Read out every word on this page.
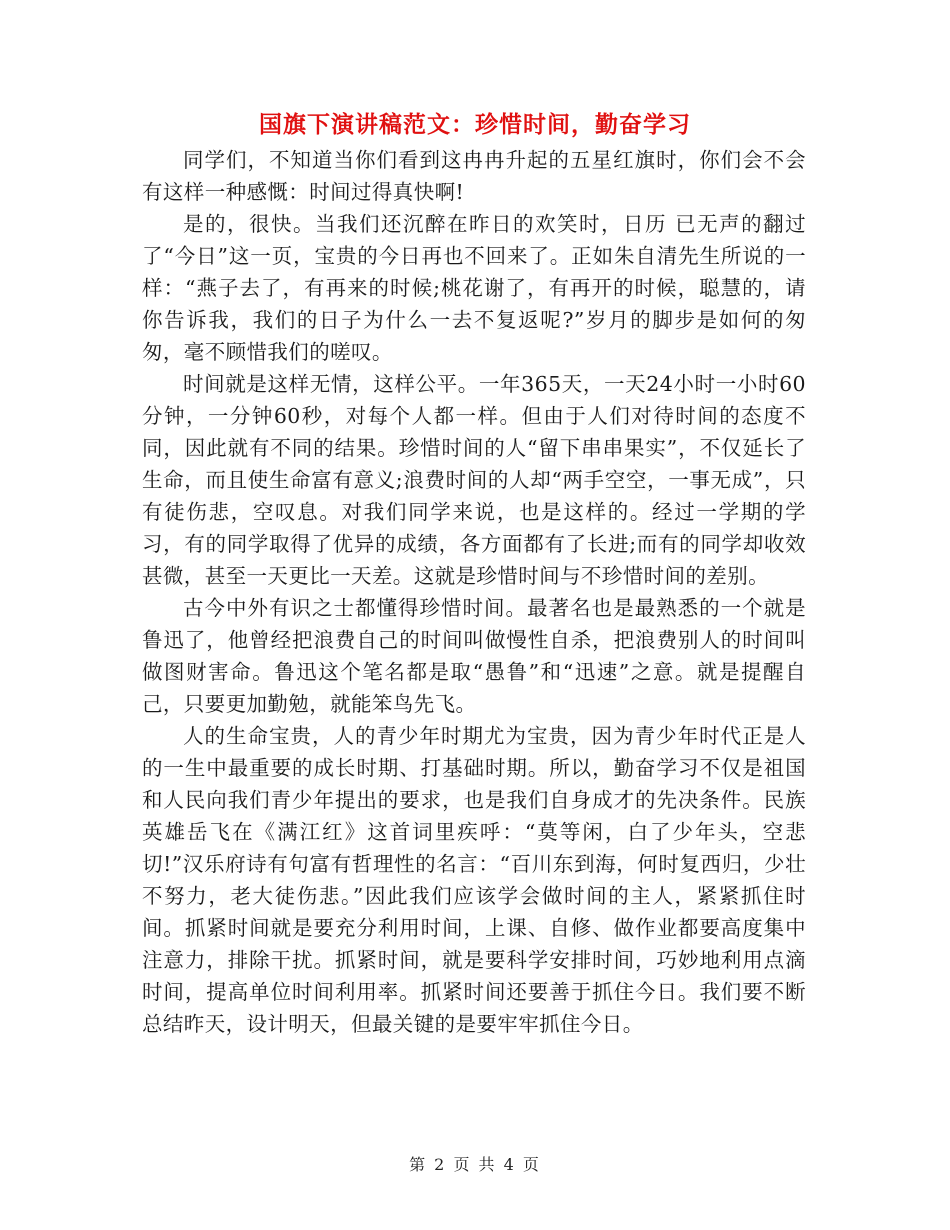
国旗下演讲稿范文：珍惜时间，勤奋学习

同学们，不知道当你们看到这冉冉升起的五星红旗时，你们会不会有这样一种感慨：时间过得真快啊!

是的，很快。当我们还沉醉在昨日的欢笑时，日历 已无声的翻过了“今日”这一页，宝贵的今日再也不回来了。正如朱自清先生所说的一样：“燕子去了，有再来的时候;桃花谢了，有再开的时候，聪慧的，请你告诉我，我们的日子为什么一去不复返呢?”岁月的脚步是如何的匆匆，毫不顾惜我们的嗟叹。

时间就是这样无情，这样公平。一年365天，一天24小时一小时60分钟，一分钟60秒，对每个人都一样。但由于人们对待时间的态度不同，因此就有不同的结果。珍惜时间的人“留下串串果实”，不仅延长了生命，而且使生命富有意义;浪费时间的人却“两手空空，一事无成”，只有徒伤悲，空叹息。对我们同学来说，也是这样的。经过一学期的学习，有的同学取得了优异的成绩，各方面都有了长进;而有的同学却收效甚微，甚至一天更比一天差。这就是珍惜时间与不珍惜时间的差别。

古今中外有识之士都懂得珍惜时间。最著名也是最熟悉的一个就是鲁迅了，他曾经把浪费自己的时间叫做慢性自杀，把浪费别人的时间叫做图财害命。鲁迅这个笔名都是取“愚鲁”和“迅速”之意。就是提醒自己，只要更加勤勉，就能笨鸟先飞。

人的生命宝贵，人的青少年时期尤为宝贵，因为青少年时代正是人的一生中最重要的成长时期、打基础时期。所以，勤奋学习不仅是祖国和人民向我们青少年提出的要求，也是我们自身成才的先决条件。民族英雄岳飞在《满江红》这首词里疾呼：“莫等闲，白了少年头，空悲切!”汉乐府诗有句富有哲理性的名言：“百川东到海，何时复西归，少壮不努力，老大徒伤悲。”因此我们应该学会做时间的主人，紧紧抓住时间。抓紧时间就是要充分利用时间，上课、自修、做作业都要高度集中注意力，排除干扰。抓紧时间，就是要科学安排时间，巧妙地利用点滴时间，提高单位时间利用率。抓紧时间还要善于抓住今日。我们要不断总结昨天，设计明天，但最关键的是要牢牢抓住今日。

第 2 页 共 4 页
